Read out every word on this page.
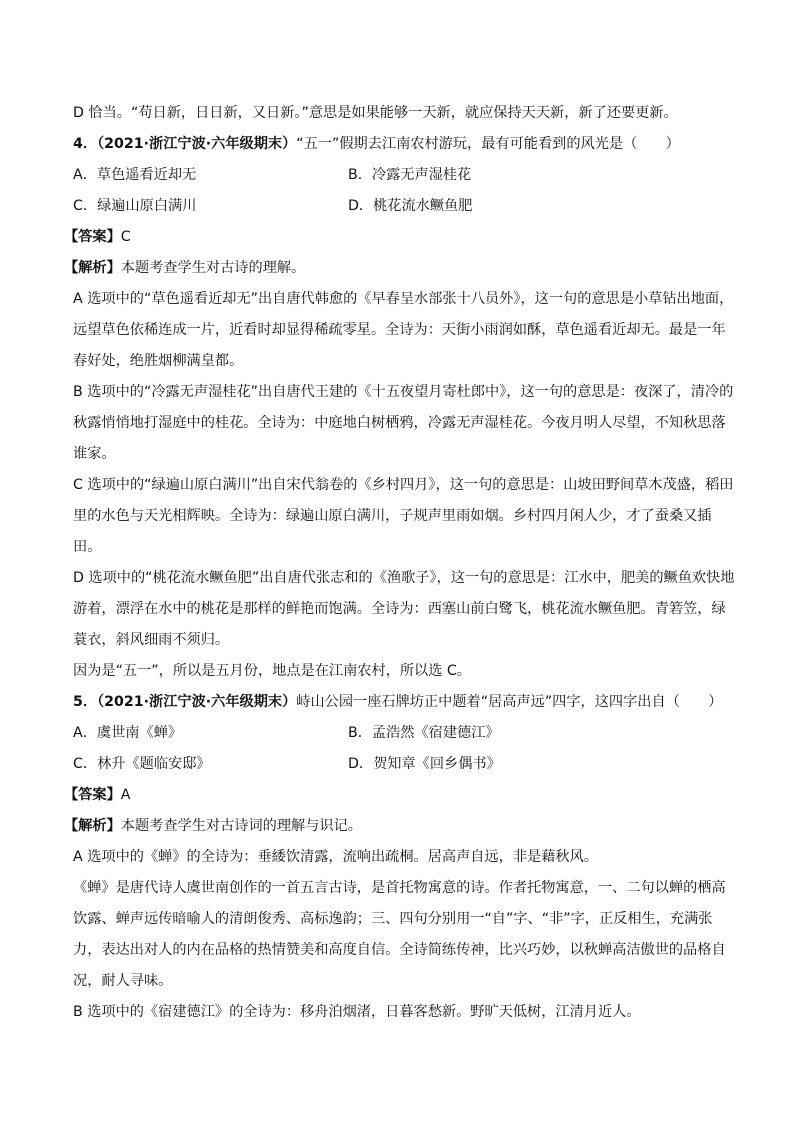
D 恰当。“苟日新，日日新，又日新。”意思是如果能够一天新，就应保持天天新，新了还要更新。
4．（2021·浙江宁波·六年级期末）“五一”假期去江南农村游玩，最有可能看到的风光是（　　）
A．草色遥看近却无	B．冷露无声湿桂花
C．绿遍山原白满川	D．桃花流水鳜鱼肥
【答案】C
【解析】本题考查学生对古诗的理解。
A 选项中的“草色遥看近却无”出自唐代韩愈的《早春呈水部张十八员外》，这一句的意思是小草钻出地面，
远望草色依稀连成一片，近看时却显得稀疏零星。全诗为：天街小雨润如酥，草色遥看近却无。最是一年
春好处，绝胜烟柳满皇都。
B 选项中的“冷露无声湿桂花”出自唐代王建的《十五夜望月寄杜郎中》，这一句的意思是：夜深了，清冷的
秋露悄悄地打湿庭中的桂花。全诗为：中庭地白树栖鸦，冷露无声湿桂花。今夜月明人尽望，不知秋思落
谁家。
C 选项中的“绿遍山原白满川”出自宋代翁卷的《乡村四月》，这一句的意思是：山坡田野间草木茂盛，稻田
里的水色与天光相辉映。全诗为：绿遍山原白满川，子规声里雨如烟。乡村四月闲人少，才了蚕桑又插
田。
D 选项中的“桃花流水鳜鱼肥”出自唐代张志和的《渔歌子》，这一句的意思是：江水中，肥美的鳜鱼欢快地
游着，漂浮在水中的桃花是那样的鲜艳而饱满。全诗为：西塞山前白鹭飞，桃花流水鳜鱼肥。青箬笠，绿
蓑衣，斜风细雨不须归。
因为是“五一”，所以是五月份，地点是在江南农村，所以选 C。
5．（2021·浙江宁波·六年级期末）峙山公园一座石牌坊正中题着“居高声远”四字，这四字出自（　　）
A．虞世南《蝉》	B．孟浩然《宿建德江》
C．林升《题临安邸》	D．贺知章《回乡偶书》
【答案】A
【解析】本题考查学生对古诗词的理解与识记。
A 选项中的《蝉》的全诗为：垂緌饮清露，流响出疏桐。居高声自远，非是藉秋风。
《蝉》是唐代诗人虞世南创作的一首五言古诗，是首托物寓意的诗。作者托物寓意，一、二句以蝉的栖高
饮露、蝉声远传暗喻人的清朗俊秀、高标逸韵；三、四句分别用一“自”字、“非”字，正反相生，充满张
力，表达出对人的内在品格的热情赞美和高度自信。全诗简练传神，比兴巧妙，以秋蝉高洁傲世的品格自
况，耐人寻味。
B 选项中的《宿建德江》的全诗为：移舟泊烟渚，日暮客愁新。野旷天低树，江清月近人。
